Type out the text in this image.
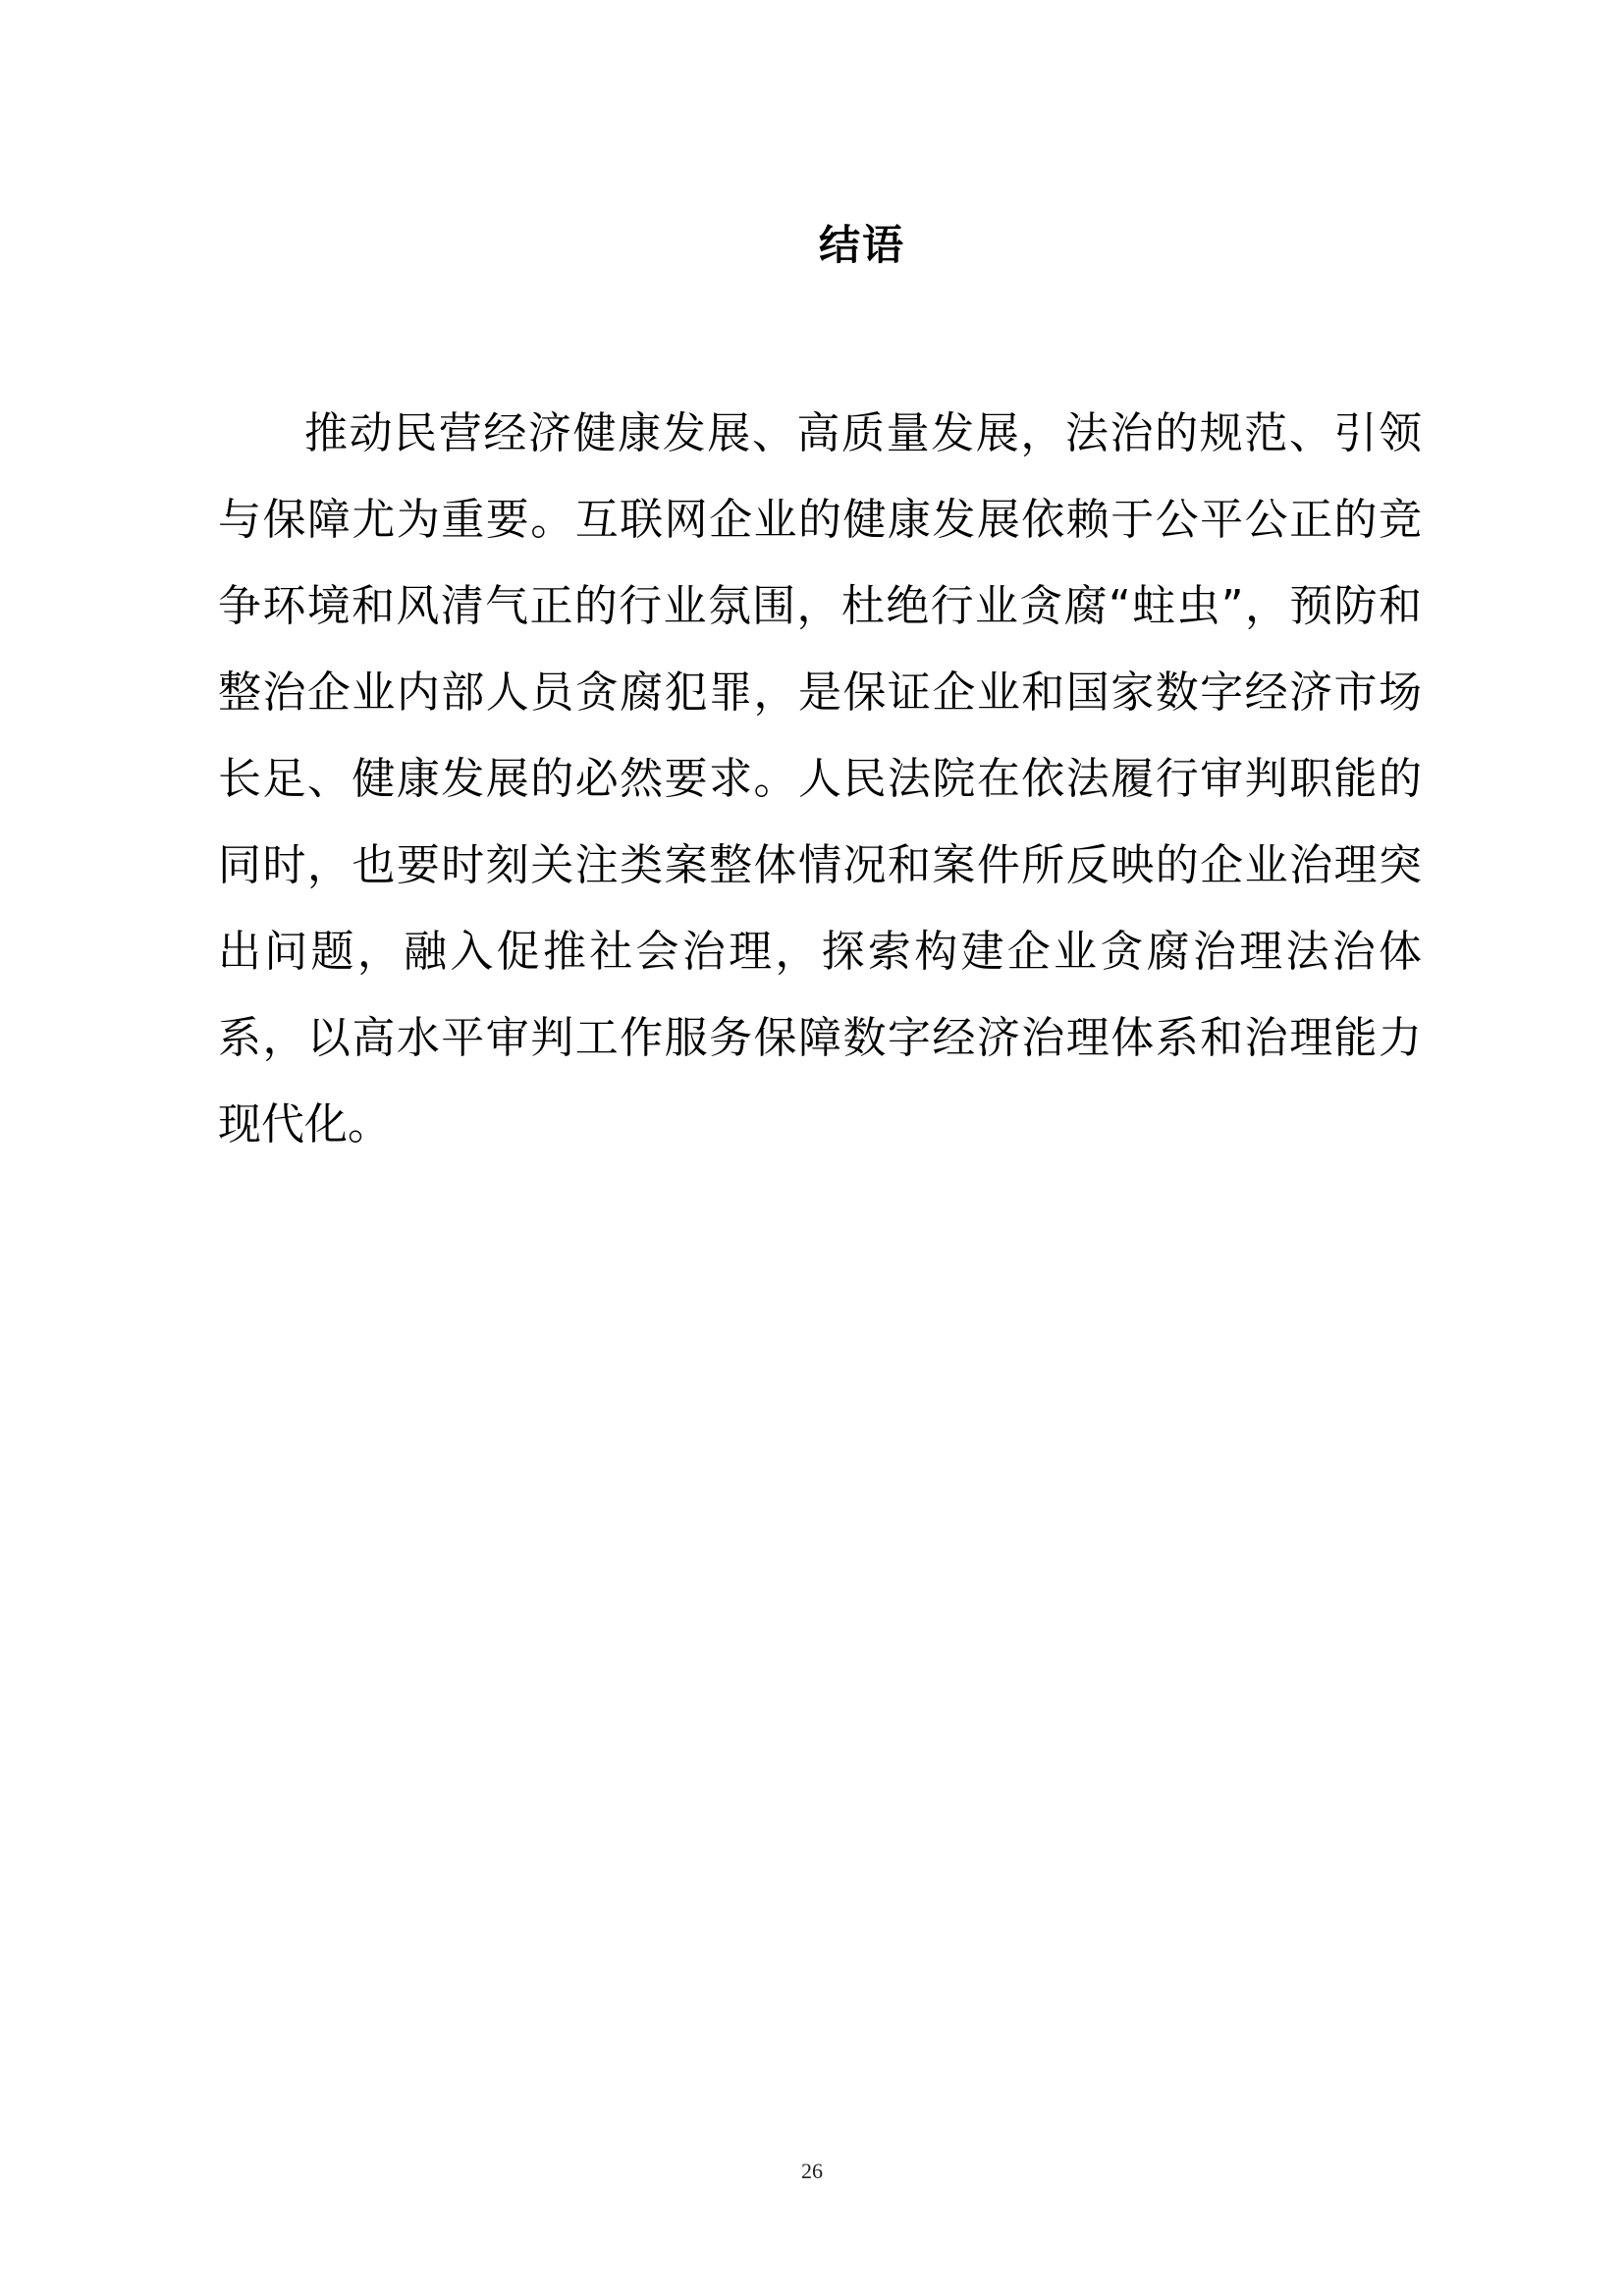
结语

推动民营经济健康发展、高质量发展，法治的规范、引领与保障尤为重要。互联网企业的健康发展依赖于公平公正的竞争环境和风清气正的行业氛围，杜绝行业贪腐“蛀虫”，预防和整治企业内部人员贪腐犯罪，是保证企业和国家数字经济市场长足、健康发展的必然要求。人民法院在依法履行审判职能的同时，也要时刻关注类案整体情况和案件所反映的企业治理突出问题，融入促推社会治理，探索构建企业贪腐治理法治体系，以高水平审判工作服务保障数字经济治理体系和治理能力现代化。

26
